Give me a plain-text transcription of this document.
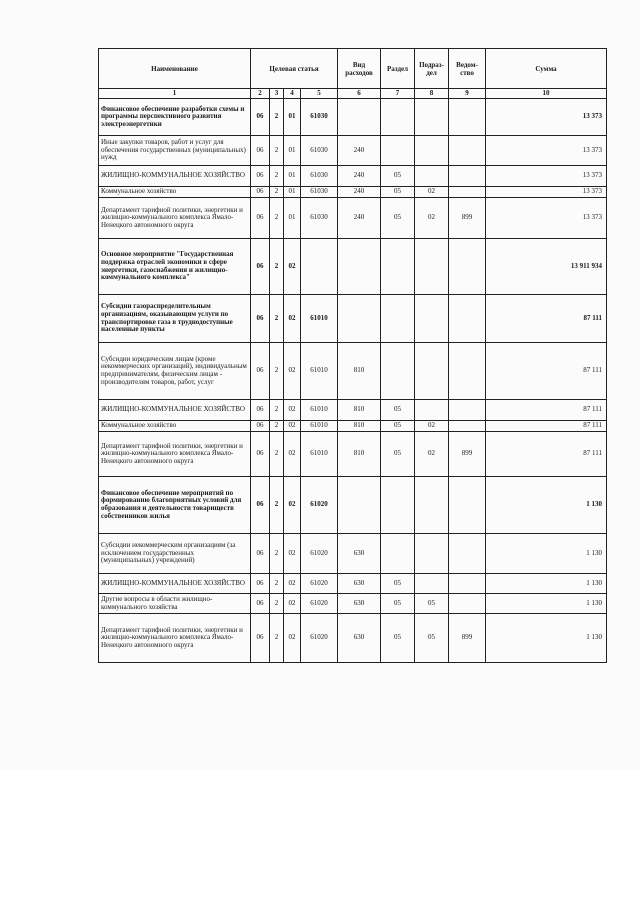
Наименование	Целевая статья				Вид расходов	Раздел	Подраз-дел	Ведом-ство	Сумма
1	2	3	4	5	6	7	8	9	10
Финансовое обеспечение разработки схемы и программы перспективного развития электроэнергетики	06	2	01	61030					13 373
Иные закупки товаров, работ и услуг для обеспечения государственных (муниципальных) нужд	06	2	01	61030	240				13 373
ЖИЛИЩНО-КОММУНАЛЬНОЕ ХОЗЯЙСТВО	06	2	01	61030	240	05			13 373
Коммунальное хозяйство	06	2	01	61030	240	05	02		13 373
Департамент тарифной политики, энергетики и жилищно-коммунального комплекса Ямало-Ненецкого автономного округа	06	2	01	61030	240	05	02	899	13 373
Основное мероприятие "Государственная поддержка отраслей экономики в сфере энергетики, газоснабжения и жилищно-коммунального комплекса"	06	2	02						13 911 934
Субсидии газораспределительным организациям, оказывающим услуги по транспортировке газа в труднодоступные населенные пункты	06	2	02	61010					87 111
Субсидии юридическим лицам (кроме некоммерческих организаций), индивидуальным предпринимателям, физическим лицам - производителям товаров, работ, услуг	06	2	02	61010	810				87 111
ЖИЛИЩНО-КОММУНАЛЬНОЕ ХОЗЯЙСТВО	06	2	02	61010	810	05			87 111
Коммунальное хозяйство	06	2	02	61010	810	05	02		87 111
Департамент тарифной политики, энергетики и жилищно-коммунального комплекса Ямало-Ненецкого автономного округа	06	2	02	61010	810	05	02	899	87 111
Финансовое обеспечение мероприятий по формированию благоприятных условий для образования и деятельности товариществ собственников жилья	06	2	02	61020					1 130
Субсидии некоммерческим организациям (за исключением государственных (муниципальных) учреждений)	06	2	02	61020	630				1 130
ЖИЛИЩНО-КОММУНАЛЬНОЕ ХОЗЯЙСТВО	06	2	02	61020	630	05			1 130
Другие вопросы в области жилищно-коммунального хозяйства	06	2	02	61020	630	05	05		1 130
Департамент тарифной политики, энергетики и жилищно-коммунального комплекса Ямало-Ненецкого автономного округа	06	2	02	61020	630	05	05	899	1 130
